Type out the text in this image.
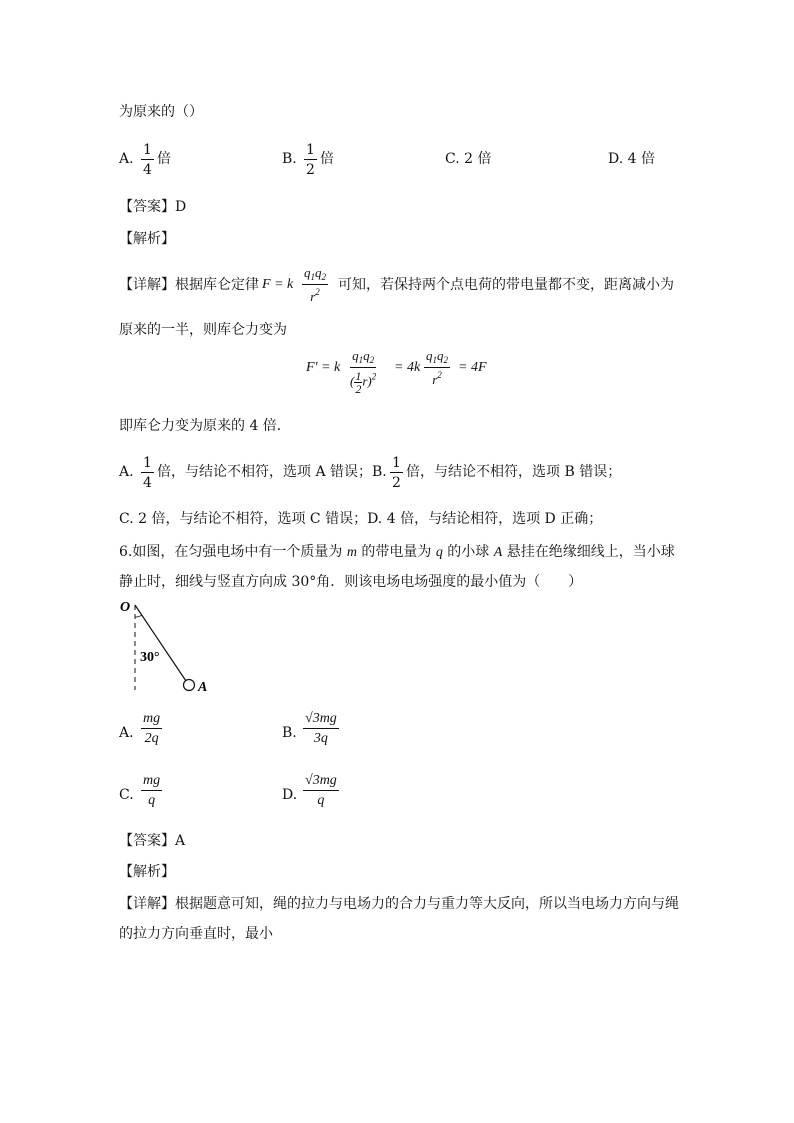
为原来的（）
A. $\frac{1}{4}$ 倍	B. $\frac{1}{2}$ 倍	C. 2 倍	D. 4 倍
【答案】D
【解析】
【详解】根据库仑定律 F = k $\frac{q_1q_2}{r^2}$ 可知，若保持两个点电荷的带电量都不变，距离减小为
原来的一半，则库仑力变为
F′ = k $\frac{q_1q_2}{( \frac{1}{2} r)^2} = 4k \frac{q_1q_2}{r^2} = 4F$
即库仑力变为原来的 4 倍．
A. $\frac{1}{4}$ 倍，与结论不相符，选项 A 错误；B. $\frac{1}{2}$ 倍，与结论不相符，选项 B 错误；
C. 2 倍，与结论不相符，选项 C 错误；D. 4 倍，与结论相符，选项 D 正确；
6.如图，在匀强电场中有一个质量为 m 的带电量为 q 的小球 A 悬挂在绝缘细线上，当小球
静止时，细线与竖直方向成 30°角．则该电场电场强度的最小值为（　　）
O
30°
A
A. $\frac{mg}{2q}$	B. $\frac{√3mg}{3q}$
C. $\frac{mg}{q}$	D. $\frac{√3mg}{q}$
【答案】A
【解析】
【详解】根据题意可知，绳的拉力与电场力的合力与重力等大反向，所以当电场力方向与绳
的拉力方向垂直时，最小
